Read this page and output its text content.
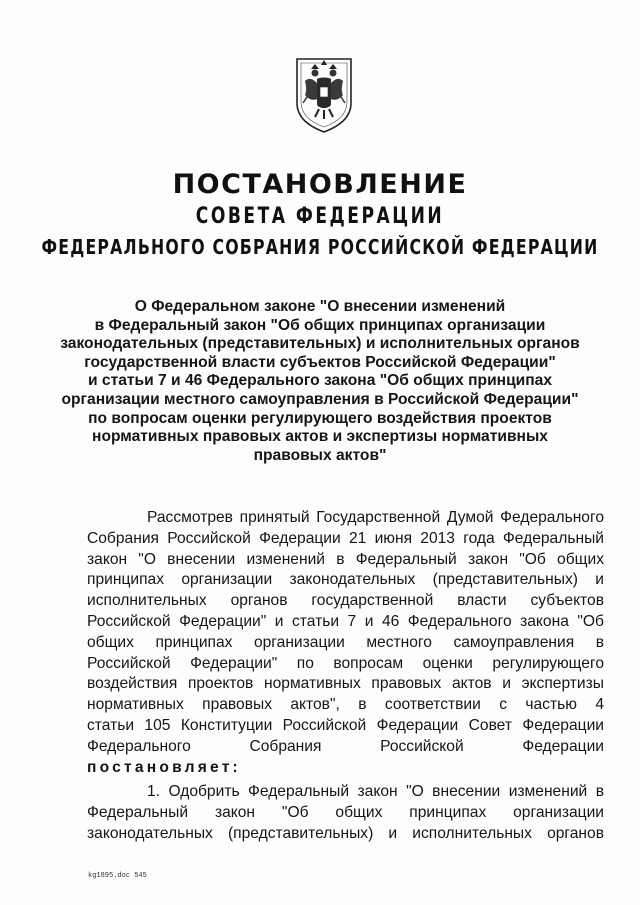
ПОСТАНОВЛЕНИЕ
СОВЕТА ФЕДЕРАЦИИ
ФЕДЕРАЛЬНОГО СОБРАНИЯ РОССИЙСКОЙ ФЕДЕРАЦИИ
О Федеральном законе "О внесении изменений
в Федеральный закон "Об общих принципах организации
законодательных (представительных) и исполнительных органов
государственной власти субъектов Российской Федерации"
и статьи 7 и 46 Федерального закона "Об общих принципах
организации местного самоуправления в Российской Федерации"
по вопросам оценки регулирующего воздействия проектов
нормативных правовых актов и экспертизы нормативных
правовых актов"
Рассмотрев принятый Государственной Думой Федерального
Собрания Российской Федерации 21 июня 2013 года Федеральный
закон "О внесении изменений в Федеральный закон "Об общих
принципах организации законодательных (представительных) и
исполнительных органов государственной власти субъектов
Российской Федерации" и статьи 7 и 46 Федерального закона "Об
общих принципах организации местного самоуправления в
Российской Федерации" по вопросам оценки регулирующего
воздействия проектов нормативных правовых актов и экспертизы
нормативных правовых актов", в соответствии с частью 4
статьи 105 Конституции Российской Федерации Совет Федерации
Федерального Собрания Российской Федерации
постановляет:
1. Одобрить Федеральный закон "О внесении изменений в
Федеральный закон "Об общих принципах организации
законодательных (представительных) и исполнительных органов
kg1895.doc 545
